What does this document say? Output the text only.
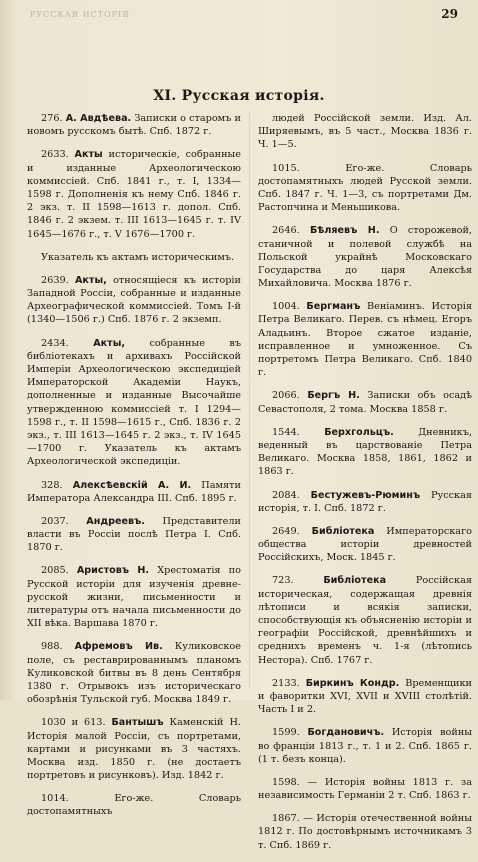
РУССКАЯ ИСТОРІЯ	29
XI. Русская исторія.

276. А. Авдѣева. Записки о старомъ и новомъ русскомъ бытѣ. Спб. 1872 г.

2633. Акты историческіе, собранные и изданные Археологическою коммиссіей. Спб. 1841 г., т. І, 1334—1598 г. Дополненія къ нему Спб. 1846 г. 2 экз. т. ІІ 1598—1613 г. допол. Спб. 1846 г. 2 экзем. т. ІІІ 1613—1645 г. т. ІV 1645—1676 г., т. V 1676—1700 г.

Указатель къ актамъ историческимъ.

2639. Акты, относящіеся къ исторіи Западной Россіи, собранные и изданные Археографической коммиссіей. Томъ І-й (1340—1506 г.) Спб. 1876 г. 2 экземп.

2434.	Акты,	собранные въ библіотекахъ и архивахъ Россійской Имперіи Археологическою экспедиціей Императорской Академіи Наукъ, дополненные и изданные Высочайше утвержденною коммиссіей т. І 1294—1598 г., т. ІІ 1598—1615 г., Спб. 1836 г. 2 экз., т. ІІІ 1613—1645 г. 2 экз., т. ІV 1645—1700 г. Указатель къ актамъ Археологической экспедиціи.

328. Алексѣевскій А. И. Памяти Императора Александра ІІІ. Спб. 1895 г.

2037. Андреевъ. Представители власти въ Россіи послѣ Петра І. Спб. 1870 г.

2085. Аристовъ Н. Хрестоматія по Русской исторіи для изученія древне-русской жизни, письменности и литературы отъ начала письменности до XII вѣка. Варшава 1870 г.

988. Афремовъ Ив. Куликовское поле, съ реставрированнымъ планомъ Куликовской битвы въ 8 день Сентября 1380 г. Отрывокъ изъ историческаго обозрѣнія Тульской губ. Москва 1849 г.

1030 и 613. Бантышъ Каменскій Н. Исторія малой Россіи, съ портретами, картами и рисунками въ 3 частяхъ. Москва изд. 1850 г. (не достаетъ портретовъ и рисунковъ). Изд. 1842 г.

1014.	Его-же. Словарь достопамятныхъ

людей Россійской земли. Изд. Ал. Ширяевымъ, въ 5 част., Москва 1836 г. Ч. 1—5.

1015.	Его-же. Словарь достопамятныхъ людей Русской земли. Спб. 1847 г. Ч. 1—3, съ портретами Дм. Растопчина и Меньшикова.

2646. Бѣляевъ Н. О сторожевой, станичной и полевой службѣ на Польской украйнѣ Московскаго Государства до царя Алексѣя Михайловича. Москва 1876 г.

1004. Бергманъ Веніаминъ. Исторія Петра Великаго. Перев. съ нѣмец. Егоръ Аладьинъ. Второе сжатое изданіе, исправленное и умноженное. Съ портретомъ Петра Великаго. Спб. 1840 г.

2066. Бергъ Н. Записки объ осадѣ Севастополя, 2 тома. Москва 1858 г.

1544.	Берхгольцъ.	Дневникъ, веденный въ царствованіе Петра Великаго. Москва 1858, 1861, 1862 и 1863 г.

2084. Бестужевъ-Рюминъ Русская исторія, т. І. Спб. 1872 г.

2649. Библіотека Императорскаго общества исторіи древностей Россійскихъ, Моск. 1845 г.

723.	Библіотека	Россійская историческая, содержащая древнія лѣтописи и всякія записки, способствующія къ объясненію исторіи и географіи Россійской, древнѣйшихъ и среднихъ временъ ч. 1-я (лѣтопись Нестора). Спб. 1767 г.

2133. Биркинъ Кондр. Временщики и фаворитки XVI, XVII и XVIII столѣтій. Часть І и 2.

1599. Богдановичъ. Исторія войны во франціи 1813 г., т. 1 и 2. Спб. 1865 г. (1 т. безъ конца).

1598. — Исторія войны 1813 г. за независимость Германіи 2 т. Спб. 1863 г.

1867. — Исторія отечественной войны 1812 г. По достовѣрнымъ источникамъ 3 т. Спб. 1869 г.
